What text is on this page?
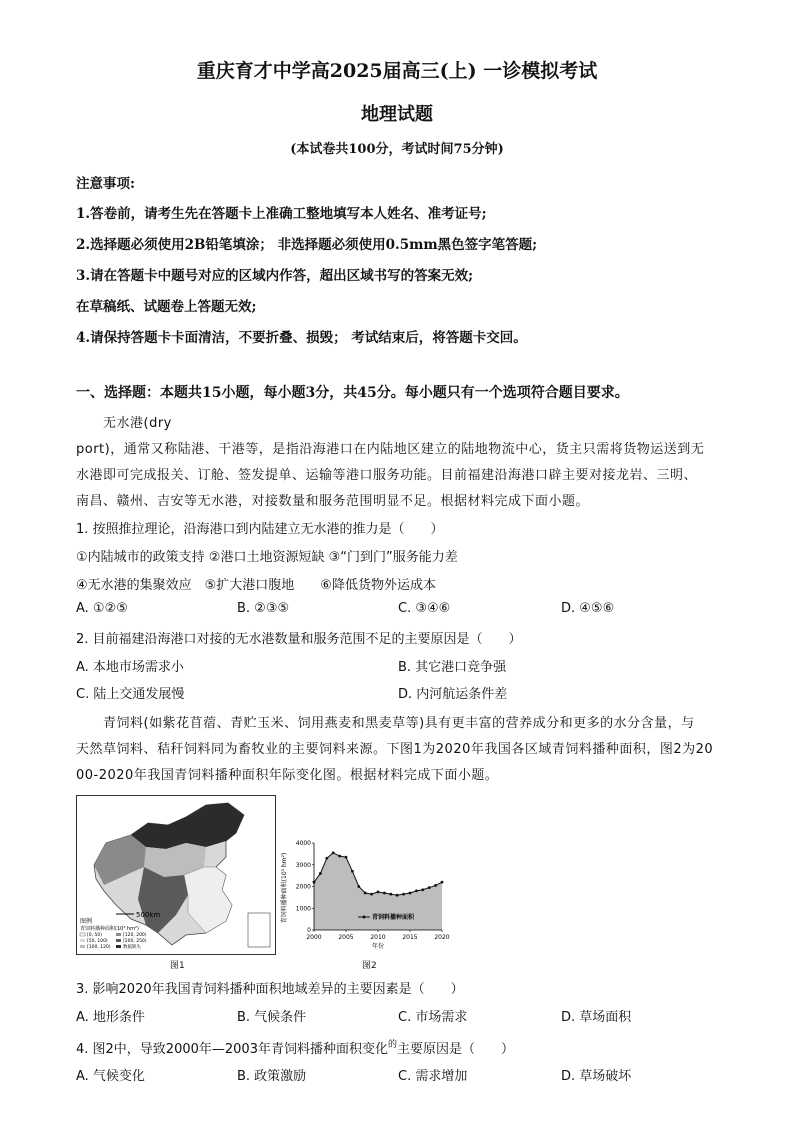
重庆育才中学高2025届高三(上) 一诊模拟考试
地理试题
(本试卷共100分，考试时间75分钟)
注意事项:
1.答卷前，请考生先在答题卡上准确工整地填写本人姓名、准考证号;
2.选择题必须使用2B铅笔填涂； 非选择题必须使用0.5mm黑色签字笔答题;
3.请在答题卡中题号对应的区域内作答，超出区域书写的答案无效;
在草稿纸、试题卷上答题无效;
4.请保持答题卡卡面清洁，不要折叠、损毁； 考试结束后，将答题卡交回。
一、选择题：本题共15小题，每小题3分，共45分。每小题只有一个选项符合题目要求。
无水港(dry
port)，通常又称陆港、干港等，是指沿海港口在内陆地区建立的陆地物流中心，货主只需将货物运送到无
水港即可完成报关、订舱、签发提单、运输等港口服务功能。目前福建沿海港口辟主要对接龙岩、三明、
南昌、赣州、吉安等无水港，对接数量和服务范围明显不足。根据材料完成下面小题。
1. 按照推拉理论，沿海港口到内陆建立无水港的推力是（　　）
①内陆城市的政策支持 ②港口土地资源短缺 ③“门到门”服务能力差
④无水港的集聚效应　⑤扩大港口腹地　　⑥降低货物外运成本
A. ①②⑤	B. ②③⑤	C. ③④⑥	D. ④⑤⑥
2. 目前福建沿海港口对接的无水港数量和服务范围不足的主要原因是（　　）
A. 本地市场需求小	B. 其它港口竞争强
C. 陆上交通发展慢	D. 内河航运条件差
青饲料(如紫花苜蓿、青贮玉米、饲用燕麦和黑麦草等)具有更丰富的营养成分和更多的水分含量，与
天然草饲料、秸秆饲料同为畜牧业的主要饲料来源。下图1为2020年我国各区域青饲料播种面积，图2为20
00-2020年我国青饲料播种面积年际变化图。根据材料完成下面小题。
500km
图例
青饲料播种面积(10³ hm²)
[0, 50)	[120, 200)
[50, 100)	[200, 250)
[100, 120)	数据缺失
图1
青饲料播种面积(10³ hm²)
0
1000
2000
3000
4000
2000	2005	2010	2015	2020
青饲料播种面积
年份
图2
3. 影响2020年我国青饲料播种面积地域差异的主要因素是（　　）
A. 地形条件	B. 气候条件	C. 市场需求	D. 草场面积
4. 图2中，导致2000年—2003年青饲料播种面积变化$^的$主要原因是（　　）
A. 气候变化	B. 政策激励	C. 需求增加	D. 草场破坏
